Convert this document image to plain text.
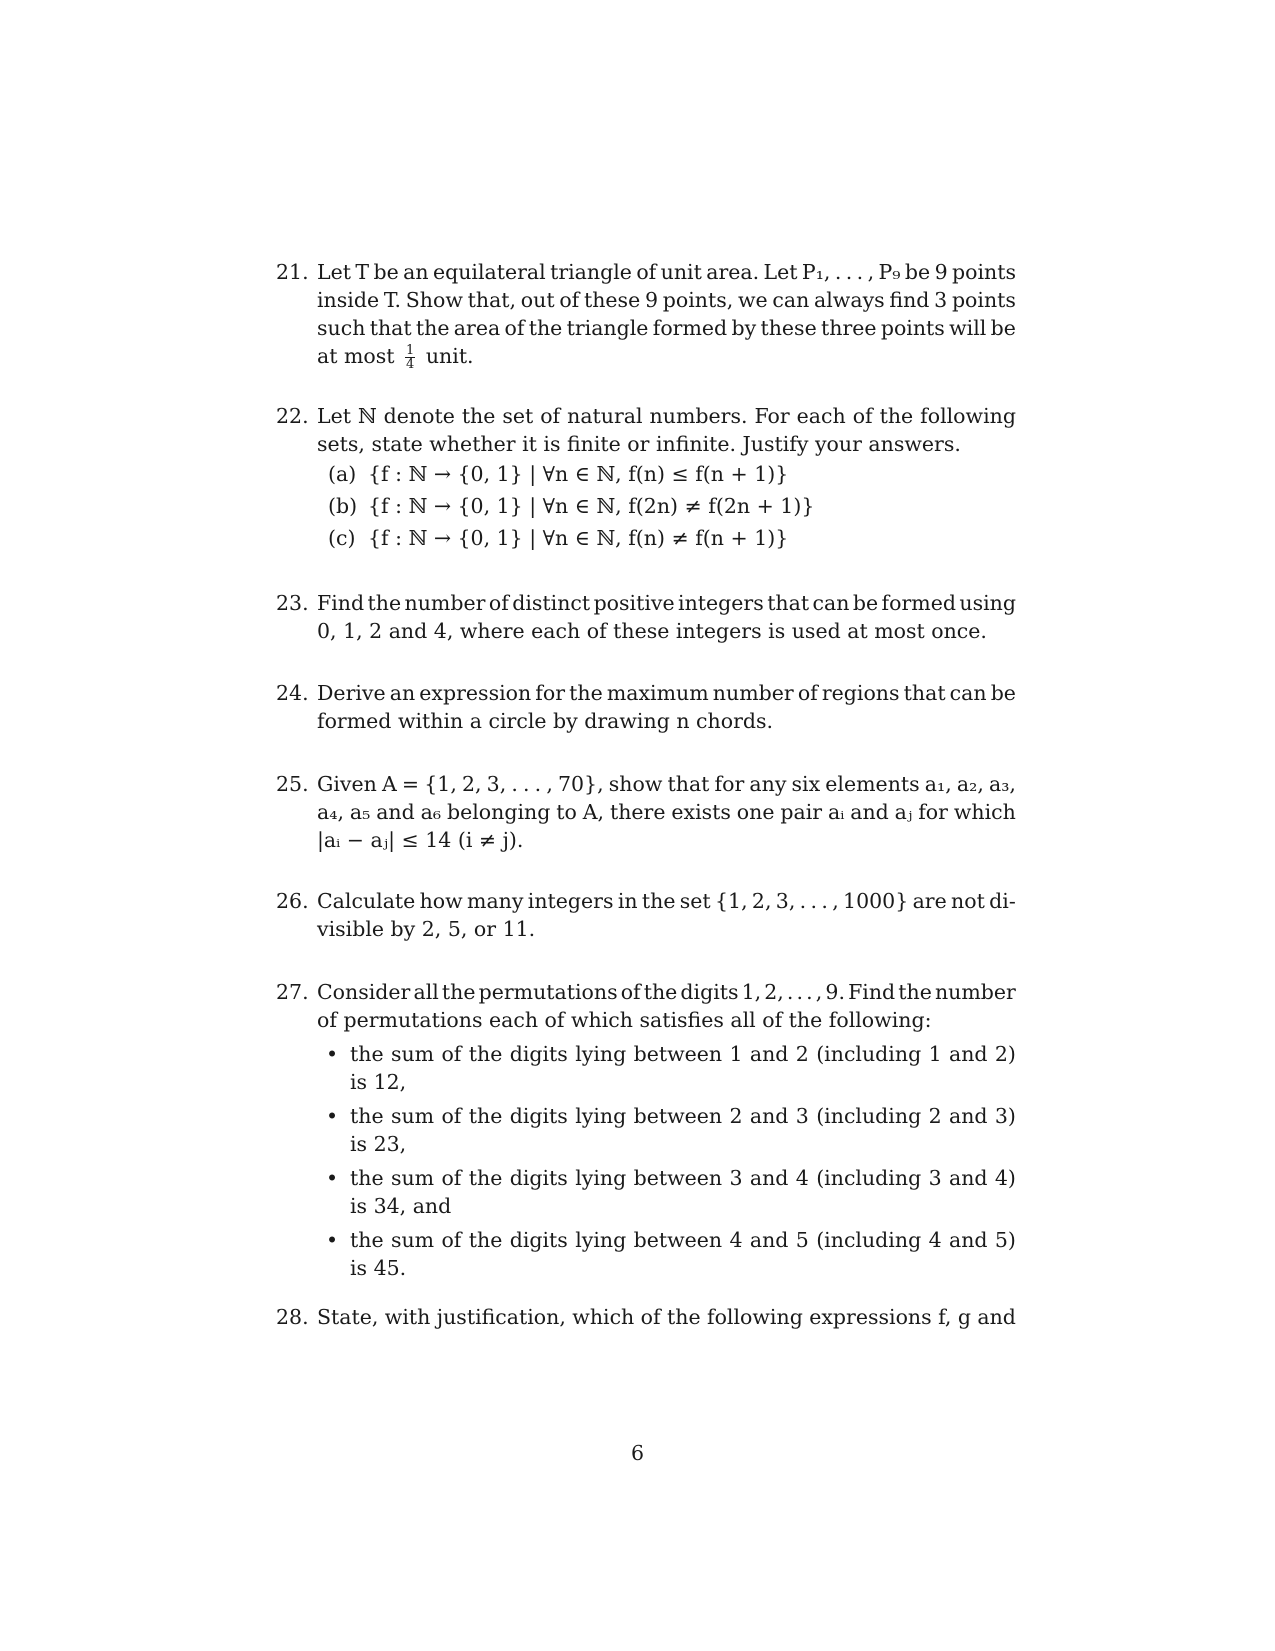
21. Let T be an equilateral triangle of unit area. Let P₁, . . . , P₉ be 9 points
inside T. Show that, out of these 9 points, we can always find 3 points
such that the area of the triangle formed by these three points will be
at most $\frac{1}{4}$ unit.
22. Let ℕ denote the set of natural numbers. For each of the following
sets, state whether it is finite or infinite. Justify your answers.
(a) {f : ℕ → {0, 1} | ∀n ∈ ℕ, f(n) ≤ f(n + 1)}
(b) {f : ℕ → {0, 1} | ∀n ∈ ℕ, f(2n) ≠ f(2n + 1)}
(c) {f : ℕ → {0, 1} | ∀n ∈ ℕ, f(n) ≠ f(n + 1)}
23. Find the number of distinct positive integers that can be formed using
0, 1, 2 and 4, where each of these integers is used at most once.
24. Derive an expression for the maximum number of regions that can be
formed within a circle by drawing n chords.
25. Given A = {1, 2, 3, . . . , 70}, show that for any six elements a₁, a₂, a₃,
a₄, a₅ and a₆ belonging to A, there exists one pair aᵢ and aⱼ for which
|aᵢ − aⱼ| ≤ 14 (i ≠ j).
26. Calculate how many integers in the set {1, 2, 3, . . . , 1000} are not di-
visible by 2, 5, or 11.
27. Consider all the permutations of the digits 1, 2, . . . , 9. Find the number
of permutations each of which satisfies all of the following:
• the sum of the digits lying between 1 and 2 (including 1 and 2)
is 12,
• the sum of the digits lying between 2 and 3 (including 2 and 3)
is 23,
• the sum of the digits lying between 3 and 4 (including 3 and 4)
is 34, and
• the sum of the digits lying between 4 and 5 (including 4 and 5)
is 45.
28. State, with justification, which of the following expressions f, g and
6
